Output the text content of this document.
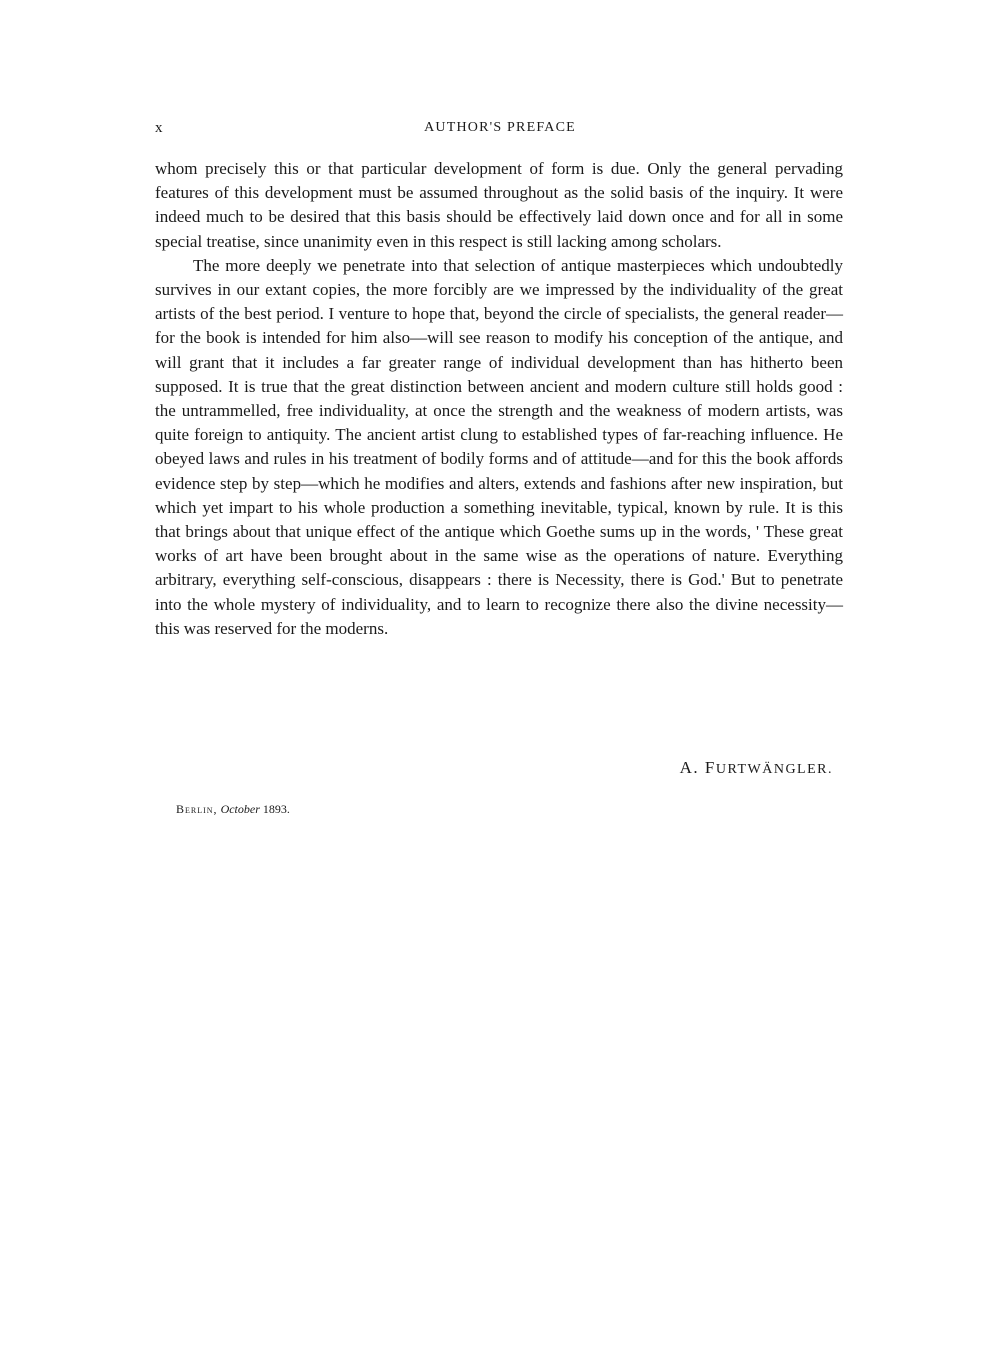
x	AUTHOR'S PREFACE

whom precisely this or that particular development of form is due. Only the general pervading features of this development must be assumed throughout as the solid basis of the inquiry. It were indeed much to be desired that this basis should be effectively laid down once and for all in some special treatise, since unanimity even in this respect is still lacking among scholars.

The more deeply we penetrate into that selection of antique masterpieces which undoubtedly survives in our extant copies, the more forcibly are we impressed by the individuality of the great artists of the best period. I venture to hope that, beyond the circle of specialists, the general reader—for the book is intended for him also—will see reason to modify his conception of the antique, and will grant that it includes a far greater range of individual development than has hitherto been supposed. It is true that the great distinction between ancient and modern culture still holds good : the untrammelled, free individuality, at once the strength and the weakness of modern artists, was quite foreign to antiquity. The ancient artist clung to established types of far-reaching influence. He obeyed laws and rules in his treatment of bodily forms and of attitude—and for this the book affords evidence step by step—which he modifies and alters, extends and fashions after new inspiration, but which yet impart to his whole production a something inevitable, typical, known by rule. It is this that brings about that unique effect of the antique which Goethe sums up in the words, ' These great works of art have been brought about in the same wise as the operations of nature. Everything arbitrary, everything self-conscious, disappears : there is Necessity, there is God.' But to penetrate into the whole mystery of individuality, and to learn to recognize there also the divine necessity—this was reserved for the moderns.

A. FURTWÄNGLER.
Berlin, October 1893.
